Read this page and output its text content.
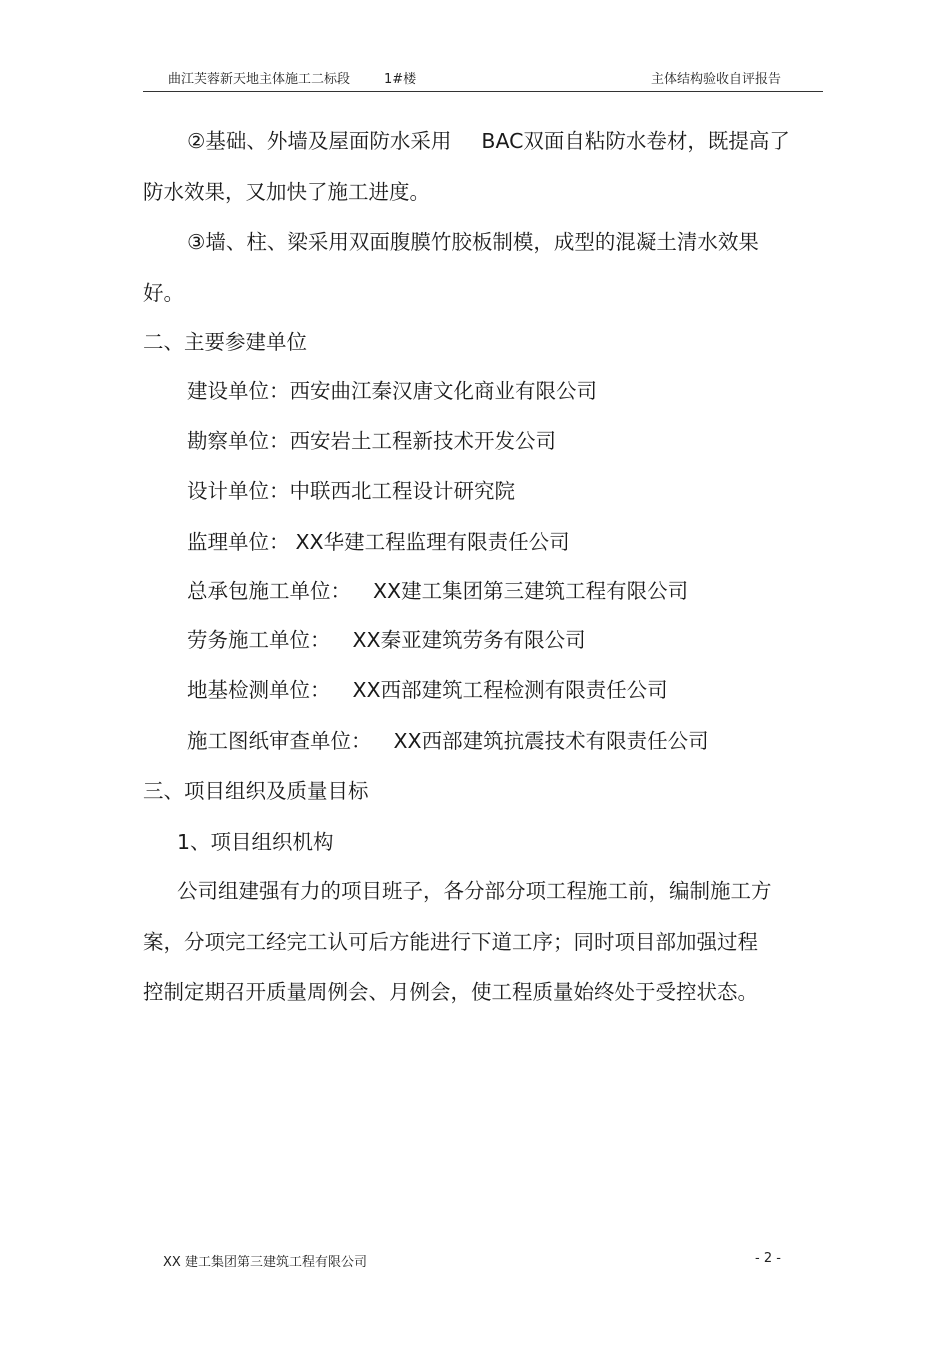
曲江芙蓉新天地主体施工二标段	1#楼	主体结构验收自评报告
②基础、外墙及屋面防水采用 BAC双面自粘防水卷材，既提高了
防水效果，又加快了施工进度。
③墙、柱、梁采用双面腹膜竹胶板制模，成型的混凝土清水效果
好。
二、主要参建单位
建设单位：西安曲江秦汉唐文化商业有限公司
勘察单位：西安岩土工程新技术开发公司
设计单位：中联西北工程设计研究院
监理单位： XX华建工程监理有限责任公司
总承包施工单位： XX建工集团第三建筑工程有限公司
劳务施工单位： XX秦亚建筑劳务有限公司
地基检测单位： XX西部建筑工程检测有限责任公司
施工图纸审查单位： XX西部建筑抗震技术有限责任公司
三、项目组织及质量目标
1、项目组织机构
公司组建强有力的项目班子，各分部分项工程施工前，编制施工方
案，分项完工经完工认可后方能进行下道工序；同时项目部加强过程
控制定期召开质量周例会、月例会，使工程质量始终处于受控状态。
XX 建工集团第三建筑工程有限公司	- 2 -
